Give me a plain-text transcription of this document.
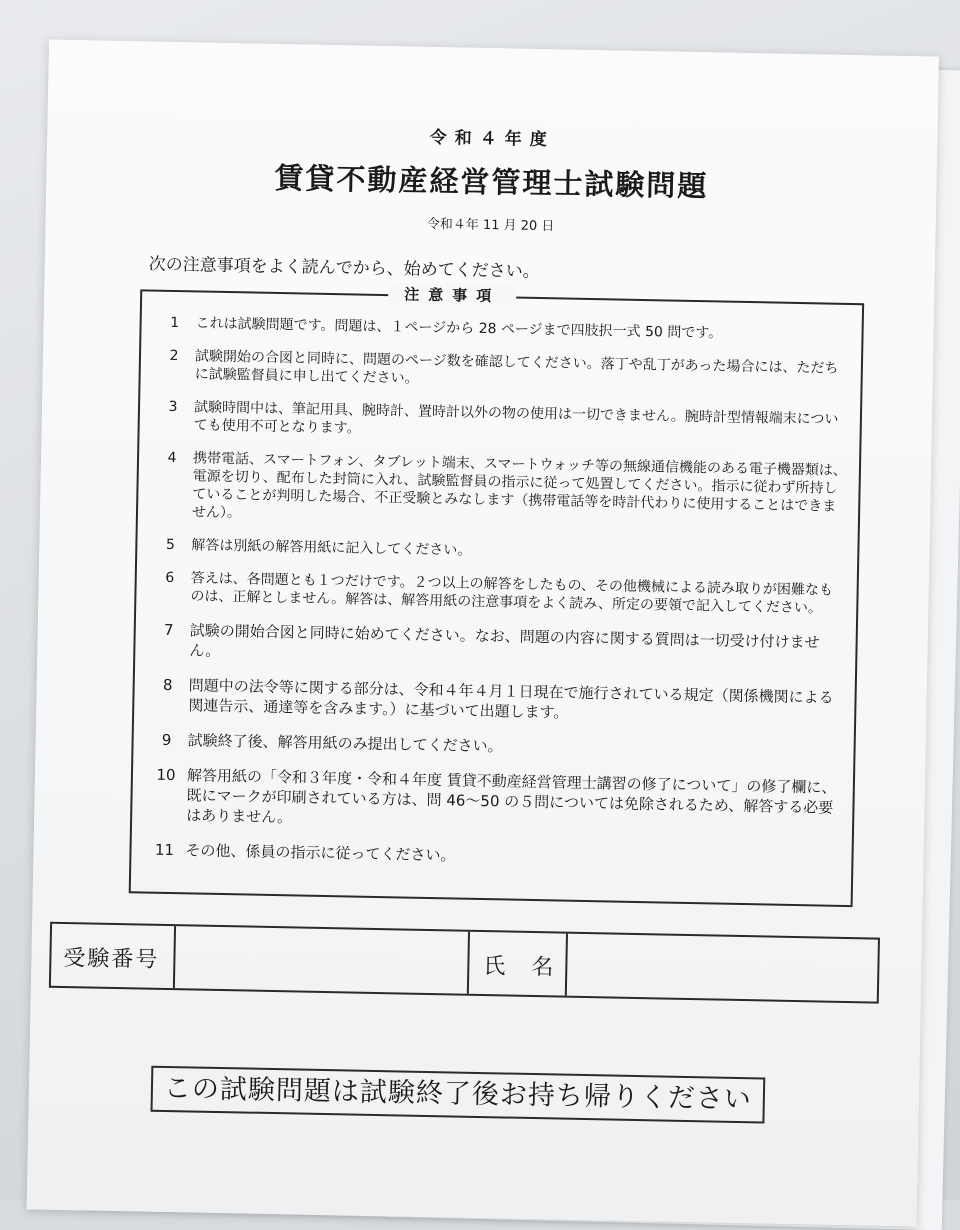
令和４年度
賃貸不動産経営管理士試験問題
令和４年 11 月 20 日
次の注意事項をよく読んでから、始めてください。
注意事項
1	これは試験問題です。問題は、１ページから 28 ページまで四肢択一式 50 問です。
2	試験開始の合図と同時に、問題のページ数を確認してください。落丁や乱丁があった場合には、ただちに試験監督員に申し出てください。
3	試験時間中は、筆記用具、腕時計、置時計以外の物の使用は一切できません。腕時計型情報端末についても使用不可となります。
4	携帯電話、スマートフォン、タブレット端末、スマートウォッチ等の無線通信機能のある電子機器類は、電源を切り、配布した封筒に入れ、試験監督員の指示に従って処置してください。指示に従わず所持していることが判明した場合、不正受験とみなします（携帯電話等を時計代わりに使用することはできません）。
5	解答は別紙の解答用紙に記入してください。
6	答えは、各問題とも１つだけです。２つ以上の解答をしたもの、その他機械による読み取りが困難なものは、正解としません。解答は、解答用紙の注意事項をよく読み、所定の要領で記入してください。
7	試験の開始合図と同時に始めてください。なお、問題の内容に関する質問は一切受け付けません。
8	問題中の法令等に関する部分は、令和４年４月１日現在で施行されている規定（関係機関による関連告示、通達等を含みます。）に基づいて出題します。
9	試験終了後、解答用紙のみ提出してください。
10 解答用紙の「令和３年度・令和４年度 賃貸不動産経営管理士講習の修了について」の修了欄に、既にマークが印刷されている方は、問 46～50 の５問については免除されるため、解答する必要はありません。
11 その他、係員の指示に従ってください。
受験番号	氏　名
この試験問題は試験終了後お持ち帰りください
